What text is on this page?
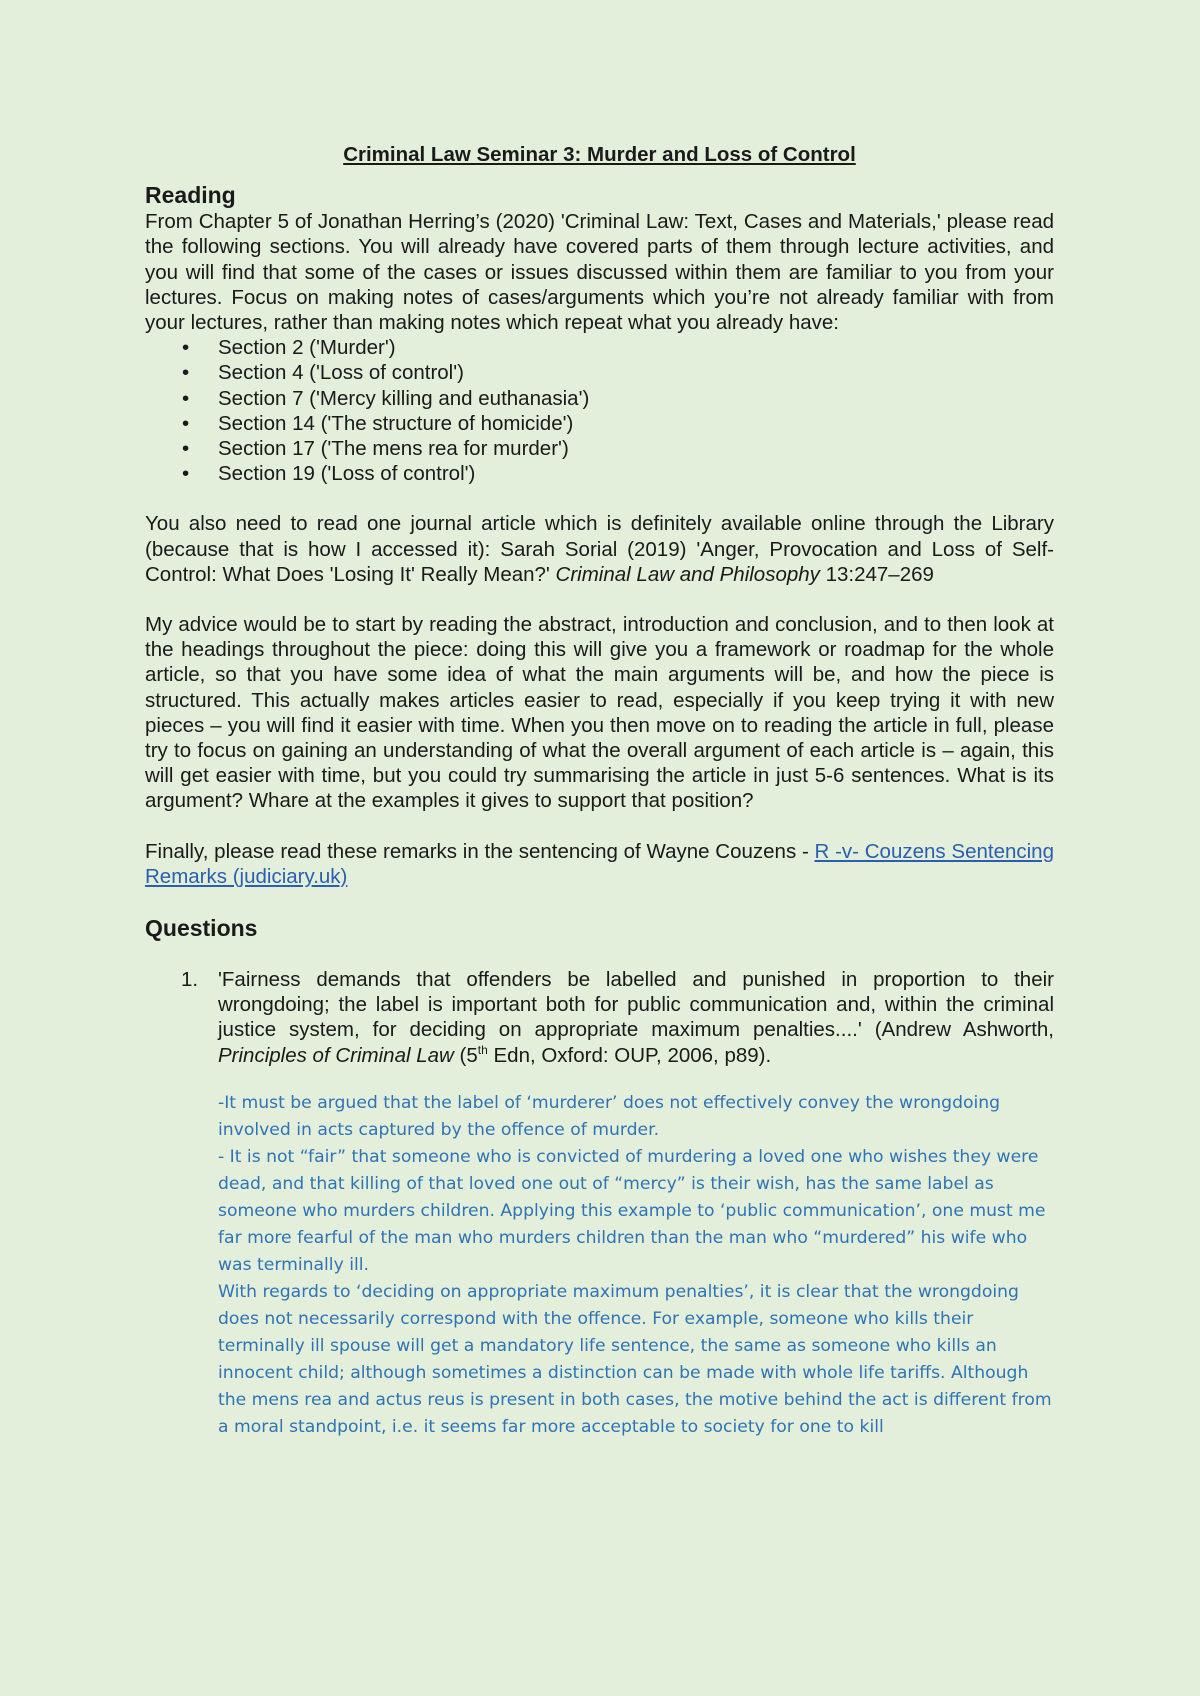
Criminal Law Seminar 3: Murder and Loss of Control

Reading

From Chapter 5 of Jonathan Herring’s (2020) 'Criminal Law: Text, Cases and Materials,' please read the following sections. You will already have covered parts of them through lecture activities, and you will find that some of the cases or issues discussed within them are familiar to you from your lectures. Focus on making notes of cases/arguments which you’re not already familiar with from your lectures, rather than making notes which repeat what you already have:

• Section 2 ('Murder')
• Section 4 ('Loss of control')
• Section 7 ('Mercy killing and euthanasia')
• Section 14 ('The structure of homicide')
• Section 17 ('The mens rea for murder')
• Section 19 ('Loss of control')

You also need to read one journal article which is definitely available online through the Library (because that is how I accessed it): Sarah Sorial (2019) 'Anger, Provocation and Loss of Self-Control: What Does 'Losing It' Really Mean?' Criminal Law and Philosophy 13:247–269

My advice would be to start by reading the abstract, introduction and conclusion, and to then look at the headings throughout the piece: doing this will give you a framework or roadmap for the whole article, so that you have some idea of what the main arguments will be, and how the piece is structured. This actually makes articles easier to read, especially if you keep trying it with new pieces – you will find it easier with time. When you then move on to reading the article in full, please try to focus on gaining an understanding of what the overall argument of each article is – again, this will get easier with time, but you could try summarising the article in just 5-6 sentences. What is its argument? Whare at the examples it gives to support that position?

Finally, please read these remarks in the sentencing of Wayne Couzens - R -v- Couzens Sentencing Remarks (judiciary.uk)

Questions
1. 'Fairness demands that offenders be labelled and punished in proportion to their wrongdoing; the label is important both for public communication and, within the criminal justice system, for deciding on appropriate maximum penalties....' (Andrew Ashworth, Principles of Criminal Law (5th Edn, Oxford: OUP, 2006, p89).

-It must be argued that the label of ‘murderer’ does not effectively convey the wrongdoing involved in acts captured by the offence of murder.

- It is not “fair” that someone who is convicted of murdering a loved one who wishes they were dead, and that killing of that loved one out of “mercy” is their wish, has the same label as someone who murders children. Applying this example to ‘public communication’, one must me far more fearful of the man who murders children than the man who “murdered” his wife who was terminally ill.

With regards to ‘deciding on appropriate maximum penalties’, it is clear that the wrongdoing does not necessarily correspond with the offence. For example, someone who kills their terminally ill spouse will get a mandatory life sentence, the same as someone who kills an innocent child; although sometimes a distinction can be made with whole life tariffs. Although the mens rea and actus reus is present in both cases, the motive behind the act is different from a moral standpoint, i.e. it seems far more acceptable to society for one to kill
